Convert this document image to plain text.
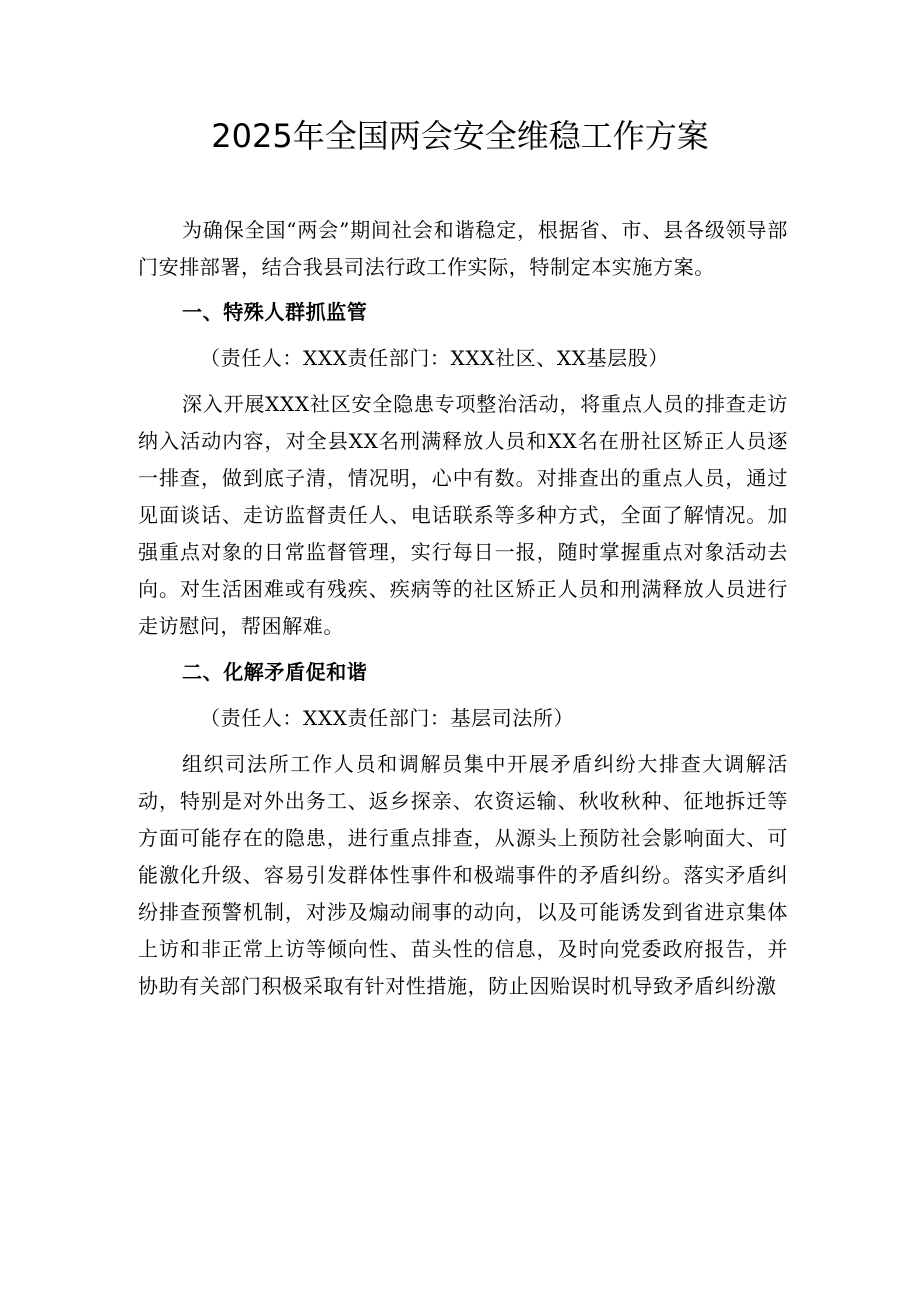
2025年全国两会安全维稳工作方案

为确保全国“两会”期间社会和谐稳定，根据省、市、县各级领导部门安排部署，结合我县司法行政工作实际，特制定本实施方案。

一、特殊人群抓监管

（责任人：XXX责任部门：XXX社区、XX基层股）

深入开展XXX社区安全隐患专项整治活动，将重点人员的排查走访纳入活动内容，对全县XX名刑满释放人员和XX名在册社区矫正人员逐一排查，做到底子清，情况明，心中有数。对排查出的重点人员，通过见面谈话、走访监督责任人、电话联系等多种方式，全面了解情况。加强重点对象的日常监督管理，实行每日一报，随时掌握重点对象活动去向。对生活困难或有残疾、疾病等的社区矫正人员和刑满释放人员进行走访慰问，帮困解难。

二、化解矛盾促和谐

（责任人：XXX责任部门：基层司法所）

组织司法所工作人员和调解员集中开展矛盾纠纷大排查大调解活动，特别是对外出务工、返乡探亲、农资运输、秋收秋种、征地拆迁等方面可能存在的隐患，进行重点排查，从源头上预防社会影响面大、可能激化升级、容易引发群体性事件和极端事件的矛盾纠纷。落实矛盾纠纷排查预警机制，对涉及煽动闹事的动向，以及可能诱发到省进京集体上访和非正常上访等倾向性、苗头性的信息，及时向党委政府报告，并协助有关部门积极采取有针对性措施，防止因贻误时机导致矛盾纠纷激
